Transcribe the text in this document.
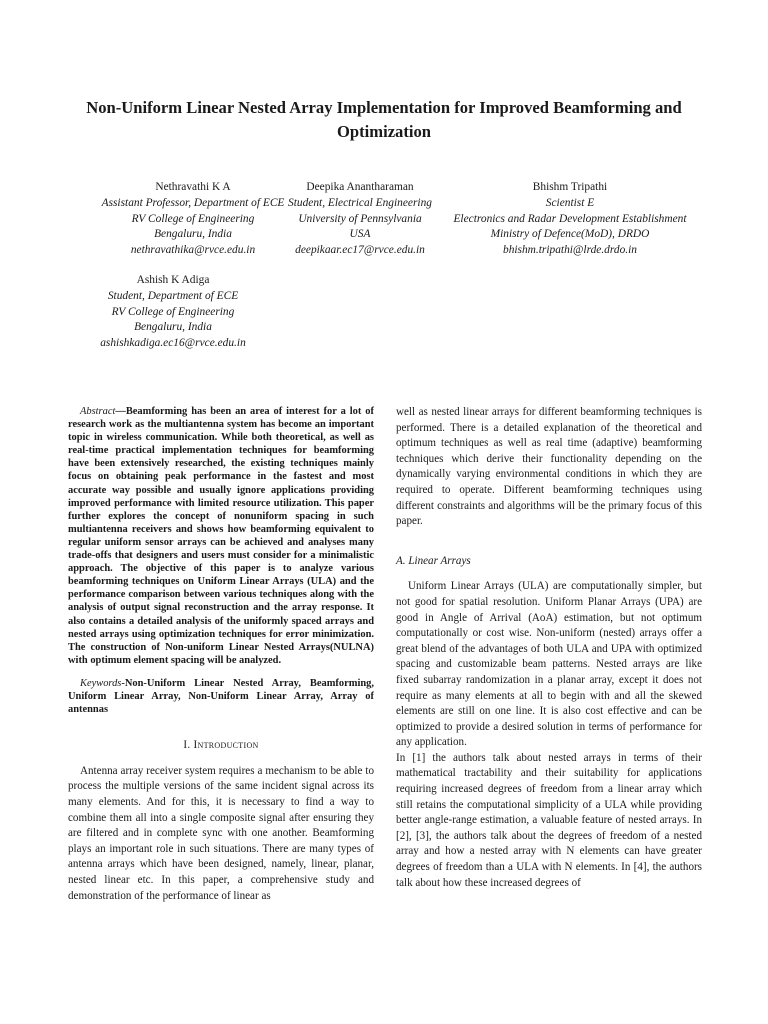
Non-Uniform Linear Nested Array Implementation for Improved Beamforming and Optimization
Nethravathi K A
Assistant Professor, Department of ECE
RV College of Engineering
Bengaluru, India
nethravathika@rvce.edu.in
Deepika Anantharaman
Student, Electrical Engineering
University of Pennsylvania
USA
deepikaar.ec17@rvce.edu.in
Bhishm Tripathi
Scientist E
Electronics and Radar Development Establishment
Ministry of Defence(MoD), DRDO
bhishm.tripathi@lrde.drdo.in
Ashish K Adiga
Student, Department of ECE
RV College of Engineering
Bengaluru, India
ashishkadiga.ec16@rvce.edu.in

Abstract—Beamforming has been an area of interest for a lot of research work as the multiantenna system has become an important topic in wireless communication. While both theoretical, as well as real-time practical implementation techniques for beamforming have been extensively researched, the existing techniques mainly focus on obtaining peak performance in the fastest and most accurate way possible and usually ignore applications providing improved performance with limited resource utilization. This paper further explores the concept of nonuniform spacing in such multiantenna receivers and shows how beamforming equivalent to regular uniform sensor arrays can be achieved and analyses many trade-offs that designers and users must consider for a minimalistic approach. The objective of this paper is to analyze various beamforming techniques on Uniform Linear Arrays (ULA) and the performance comparison between various techniques along with the analysis of output signal reconstruction and the array response. It also contains a detailed analysis of the uniformly spaced arrays and nested arrays using optimization techniques for error minimization. The construction of Non-uniform Linear Nested Arrays(NULNA) with optimum element spacing will be analyzed.

Keywords-Non-Uniform Linear Nested Array, Beamforming, Uniform Linear Array, Non-Uniform Linear Array, Array of antennas

I. Introduction

Antenna array receiver system requires a mechanism to be able to process the multiple versions of the same incident signal across its many elements. And for this, it is necessary to find a way to combine them all into a single composite signal after ensuring they are filtered and in complete sync with one another. Beamforming plays an important role in such situations. There are many types of antenna arrays which have been designed, namely, linear, planar, nested linear etc. In this paper, a comprehensive study and demonstration of the performance of linear as

well as nested linear arrays for different beamforming techniques is performed. There is a detailed explanation of the theoretical and optimum techniques as well as real time (adaptive) beamforming techniques which derive their functionality depending on the dynamically varying environmental conditions in which they are required to operate. Different beamforming techniques using different constraints and algorithms will be the primary focus of this paper.

A. Linear Arrays

Uniform Linear Arrays (ULA) are computationally simpler, but not good for spatial resolution. Uniform Planar Arrays (UPA) are good in Angle of Arrival (AoA) estimation, but not optimum computationally or cost wise. Non-uniform (nested) arrays offer a great blend of the advantages of both ULA and UPA with optimized spacing and customizable beam patterns. Nested arrays are like fixed subarray randomization in a planar array, except it does not require as many elements at all to begin with and all the skewed elements are still on one line. It is also cost effective and can be optimized to provide a desired solution in terms of performance for any application.

In [1] the authors talk about nested arrays in terms of their mathematical tractability and their suitability for applications requiring increased degrees of freedom from a linear array which still retains the computational simplicity of a ULA while providing better angle-range estimation, a valuable feature of nested arrays. In [2], [3], the authors talk about the degrees of freedom of a nested array and how a nested array with N elements can have greater degrees of freedom than a ULA with N elements. In [4], the authors talk about how these increased degrees of
